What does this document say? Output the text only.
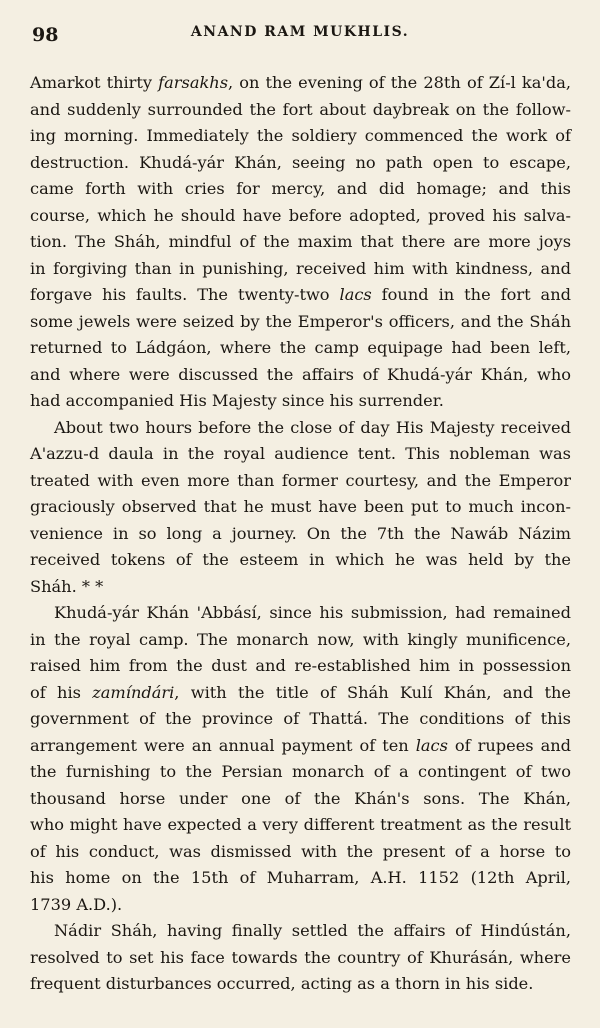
98	ANAND RAM MUKHLIS.
Amarkot thirty farsakhs, on the evening of the 28th of Zí-l ka'da,
and suddenly surrounded the fort about daybreak on the follow-
ing morning. Immediately the soldiery commenced the work of
destruction. Khudá-yár Khán, seeing no path open to escape,
came forth with cries for mercy, and did homage; and this
course, which he should have before adopted, proved his salva-
tion. The Sháh, mindful of the maxim that there are more joys
in forgiving than in punishing, received him with kindness, and
forgave his faults. The twenty-two lacs found in the fort and
some jewels were seized by the Emperor's officers, and the Sháh
returned to Ládgáon, where the camp equipage had been left,
and where were discussed the affairs of Khudá-yár Khán, who
had accompanied His Majesty since his surrender.
About two hours before the close of day His Majesty received
A'azzu-d daula in the royal audience tent. This nobleman was
treated with even more than former courtesy, and the Emperor
graciously observed that he must have been put to much incon-
venience in so long a journey. On the 7th the Nawáb Názim
received tokens of the esteem in which he was held by the
Sháh. * *
Khudá-yár Khán 'Abbásí, since his submission, had remained
in the royal camp. The monarch now, with kingly munificence,
raised him from the dust and re-established him in possession
of his zamíndári, with the title of Sháh Kulí Khán, and the
government of the province of Thattá. The conditions of this
arrangement were an annual payment of ten lacs of rupees and
the furnishing to the Persian monarch of a contingent of two
thousand horse under one of the Khán's sons. The Khán,
who might have expected a very different treatment as the result
of his conduct, was dismissed with the present of a horse to
his home on the 15th of Muharram, A.H. 1152 (12th April,
1739 A.D.).
Nádir Sháh, having finally settled the affairs of Hindústán,
resolved to set his face towards the country of Khurásán, where
frequent disturbances occurred, acting as a thorn in his side.
